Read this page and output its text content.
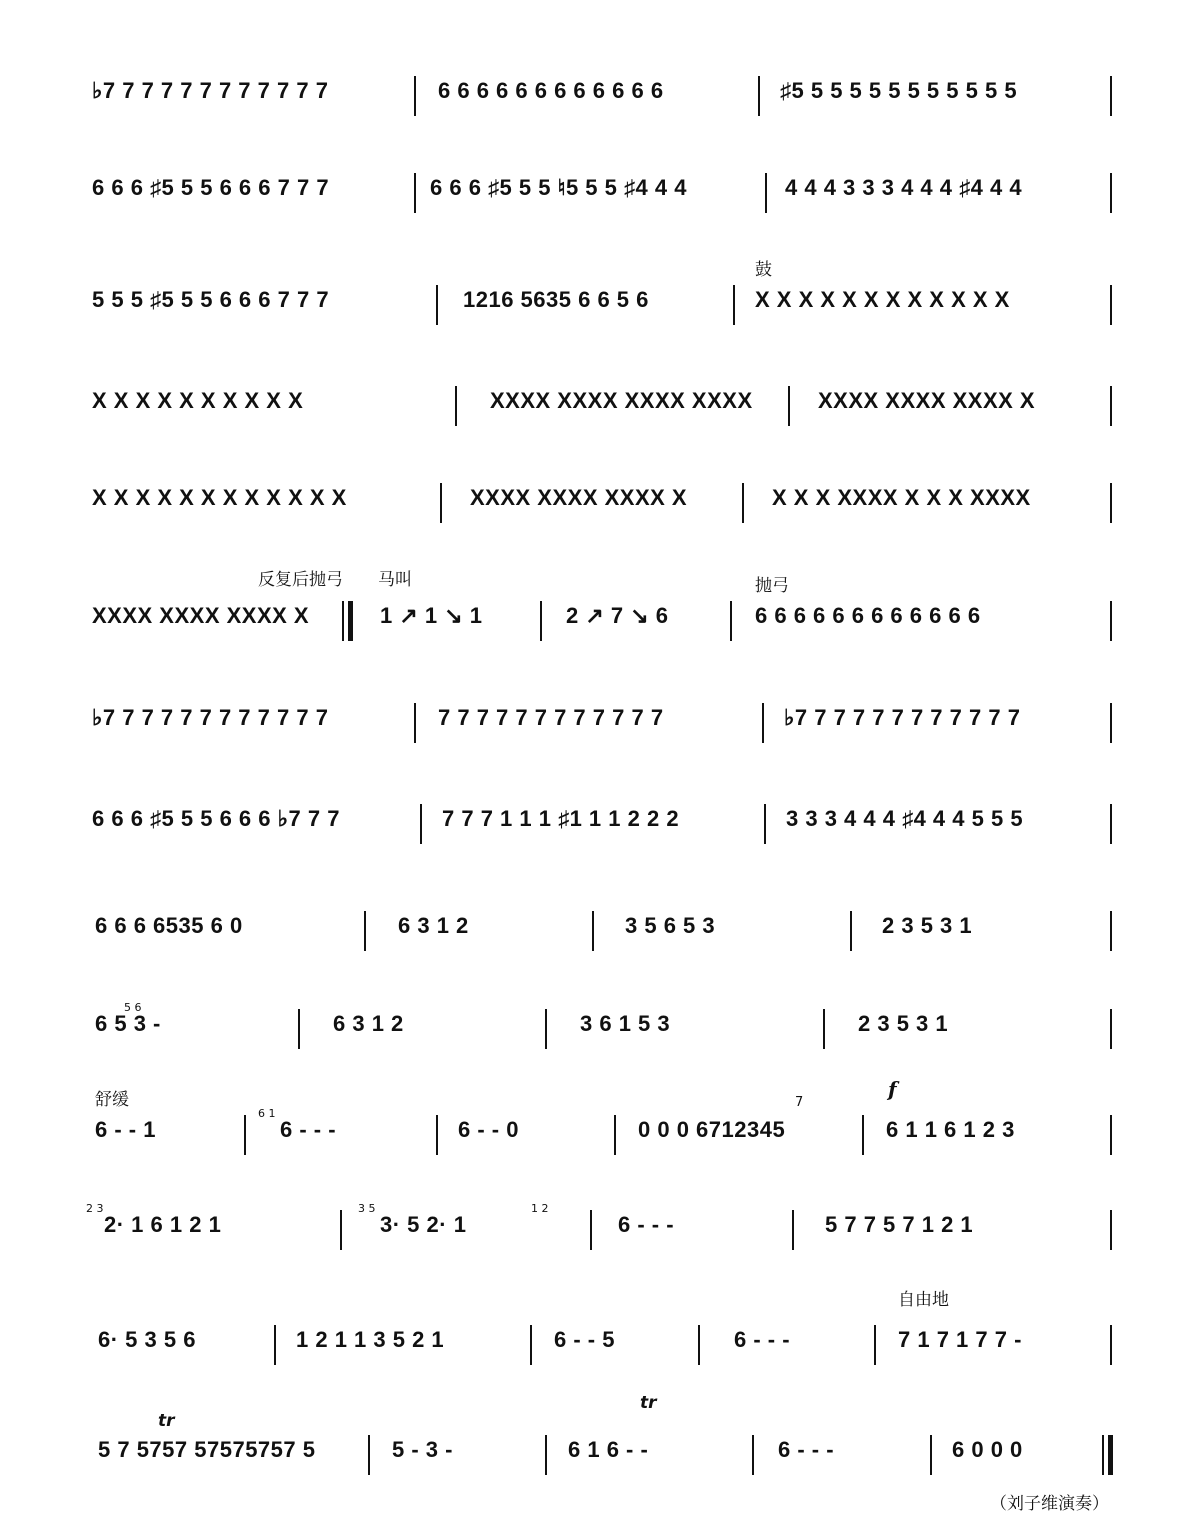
♭7 7 7 7 7 7 7 7 7 7 7 7	6 6 6 6 6 6 6 6 6 6 6 6	♯5 5 5 5 5 5 5 5 5 5 5 5
6 6 6 ♯5 5 5 6 6 6 7 7 7	6 6 6 ♯5 5 5 ♮5 5 5 ♯4 4 4	4 4 4 3 3 3 4 4 4 ♯4 4 4
5 5 5 ♯5 5 5 6 6 6 7 7 7	1216 5635 6 6 5 6
鼓
X X X X X X X X X X X X
X X X X X X X X X X	XXXX XXXX XXXX XXXX	XXXX XXXX XXXX X
X X X X X X X X X X X X	XXXX XXXX XXXX X	X X X XXXX X X X XXXX
XXXX XXXX XXXX X
反复后抛弓 马叫
1 ↗ 1 ↘ 1	2 ↗ 7 ↘ 6
抛弓
6 6 6 6 6 6 6 6 6 6 6 6
♭7 7 7 7 7 7 7 7 7 7 7 7	7 7 7 7 7 7 7 7 7 7 7 7	♭7 7 7 7 7 7 7 7 7 7 7 7
6 6 6 ♯5 5 5 6 6 6 ♭7 7 7	7 7 7 1 1 1 ♯1 1 1 2 2 2	3 3 3 4 4 4 ♯4 4 4 5 5 5
6 6 6 6535 6 0	6 3 1 2	3 5 6 5 3	2 3 5 3 1
5 6
6 5 3 -	6 3 1 2	3 6 1 5 3	2 3 5 3 1
舒缓
6 - - 1
6 1
6 - - -	6 - - 0
7
0 0 0 6712345
f
6 1 1 6 1 2 3
2 3
2· 1 6 1 2 1
3 5
3· 5 2· 1
1 2
6 - - -	5 7 7 5 7 1 2 1
6· 5 3 5 6	1 2 1 1 3 5 2 1	6 - - 5	6 - - -
自由地
7 1 7 1 7 7 -
tr
5 7 5757 57575757 5	5 - 3 -
tr
6 1 6 - -	6 - - -	6 0 0 0
（刘子维演奏）
